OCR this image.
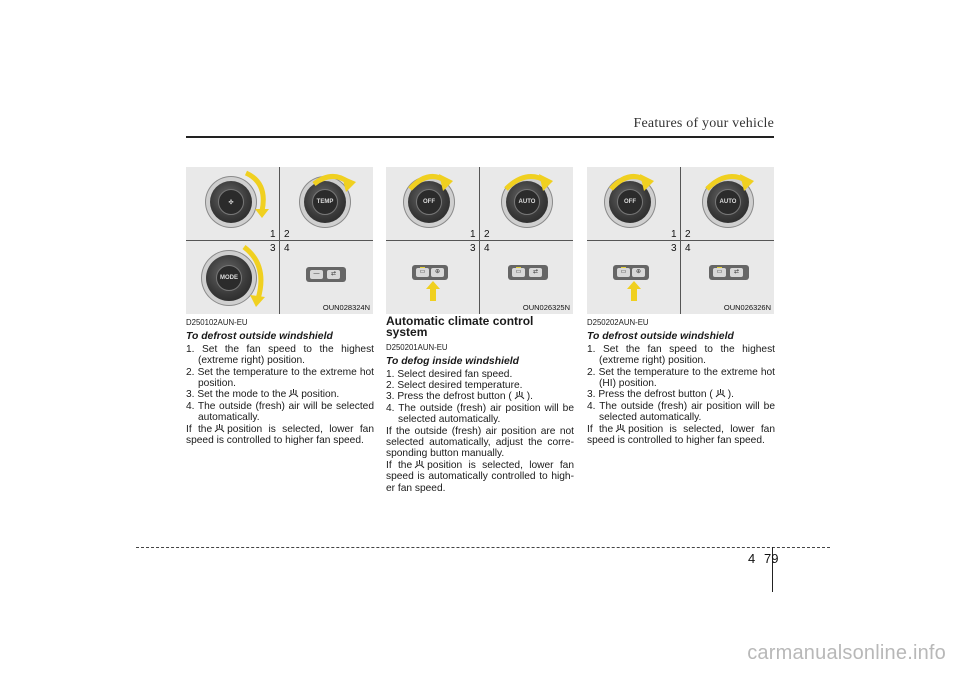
Features of your vehicle
✣	TEMP
MODE
—	⇄
1 2
3 4
OUN028324N
OFF	AUTO
▭	⊕	▭	⇄
1 2
3 4
OUN026325N
OFF	AUTO
▭	⊕	▭	⇄
1 2
3 4
OUN026326N
D250102AUN-EU
To defrost outside windshield
1. Set the fan speed to the highest (extreme right) position.
2. Set the temperature to the extreme hot position.
3. Set the mode to the position.
4. The outside (fresh) air will be selected automatically.
If the position is selected, lower fan speed is controlled to higher fan speed.
Automatic climate control system
D250201AUN-EU
To defog inside windshield
1. Select desired fan speed.
2. Select desired temperature.
3. Press the defrost button ( ).
4. The outside (fresh) air position will be selected automatically.
If the outside (fresh) air position are not selected automatically, adjust the corre-sponding button manually.
If the position is selected, lower fan speed is automatically controlled to high-er fan speed.
D250202AUN-EU
To defrost outside windshield
1. Set the fan speed to the highest (extreme right) position.
2. Set the temperature to the extreme hot (HI) position.
3. Press the defrost button ( ).
4. The outside (fresh) air position will be selected automatically.
If the position is selected, lower fan speed is controlled to higher fan speed.
4 79
carmanualsonline.info
